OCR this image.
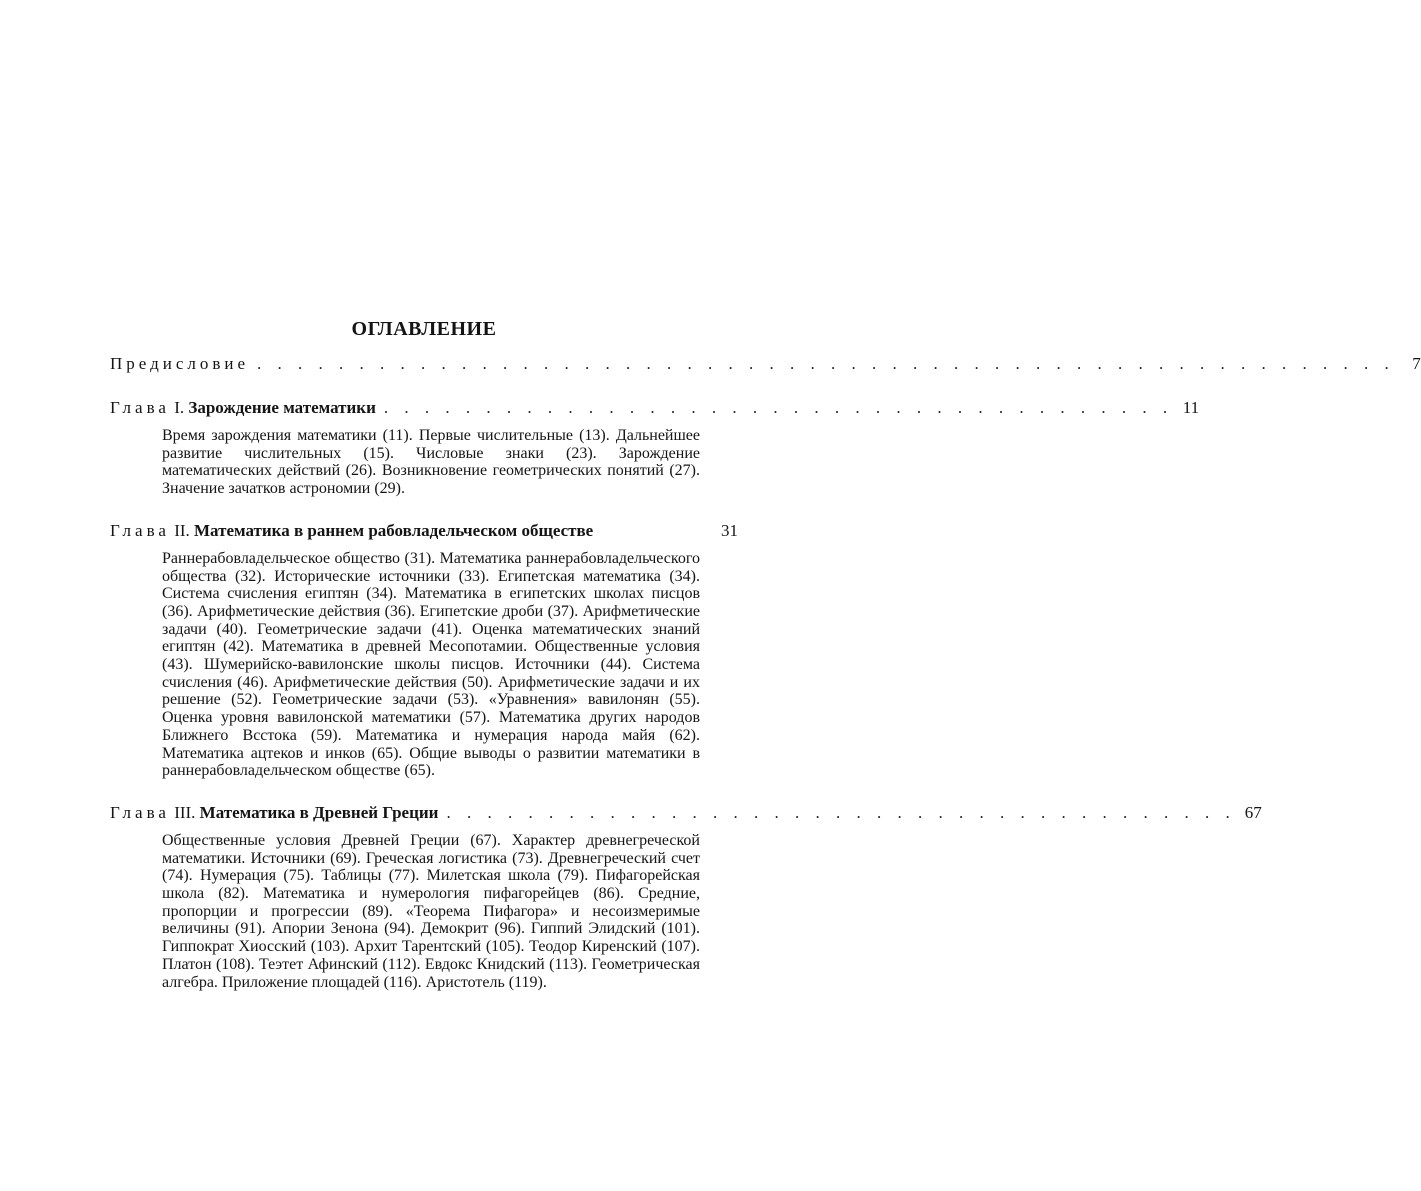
ОГЛАВЛЕНИЕ
Предисловие . . . . . . . . . . . . . . . . . . . . . . . . . . . . . . . . . . . . . . . . . . . . . . . . . . . . . . . .	7
Глава I. Зарождение математики . . . . . . . . . . . . . . . . . . . . . . . . . . . . . . . . . . . . . . . 11
Время зарождения математики (11). Первые числительные (13). Дальнейшее развитие числительных (15). Числовые знаки (23). Зарождение математических действий (26). Возникновение геометрических понятий (27). Значение зачатков астрономии (29).
Глава II. Математика в раннем рабовладельческом обществе	31
Раннерабовладельческое общество (31). Математика раннерабовладельческого общества (32). Исторические источники (33). Египетская математика (34). Система счисления египтян (34). Математика в египетских школах писцов (36). Арифметические действия (36). Египетские дроби (37). Арифметические задачи (40). Геометрические задачи (41). Оценка математических знаний египтян (42). Математика в древней Месопотамии. Общественные условия (43). Шумерийско-вавилонские школы писцов. Источники (44). Система счисления (46). Арифметические действия (50). Арифметические задачи и их решение (52). Геометрические задачи (53). «Уравнения» вавилонян (55). Оценка уровня вавилонской математики (57). Математика других народов Ближнего Всстока (59). Математика и нумерация народа майя (62). Математика ацтеков и инков (65). Общие выводы о развитии математики в раннерабовладельческом обществе (65).
Глава III. Математика в Древней Греции . . . . . . . . . . . . . . . . . . . . . . . . . . . . . . . . . . . . . . . 67
Общественные условия Древней Греции (67). Характер древнегреческой математики. Источники (69). Греческая логистика (73). Древнегреческий счет (74). Нумерация (75). Таблицы (77). Милетская школа (79). Пифагорейская школа (82). Математика и нумерология пифагорейцев (86). Средние, пропорции и прогрессии (89). «Теорема Пифагора» и несоизмеримые величины (91). Апории Зенона (94). Демокрит (96). Гиппий Элидский (101). Гиппократ Хиосский (103). Архит Тарентский (105). Теодор Киренский (107). Платон (108). Теэтет Афинский (112). Евдокс Книдский (113). Геометрическая алгебра. Приложение площадей (116). Аристотель (119).
